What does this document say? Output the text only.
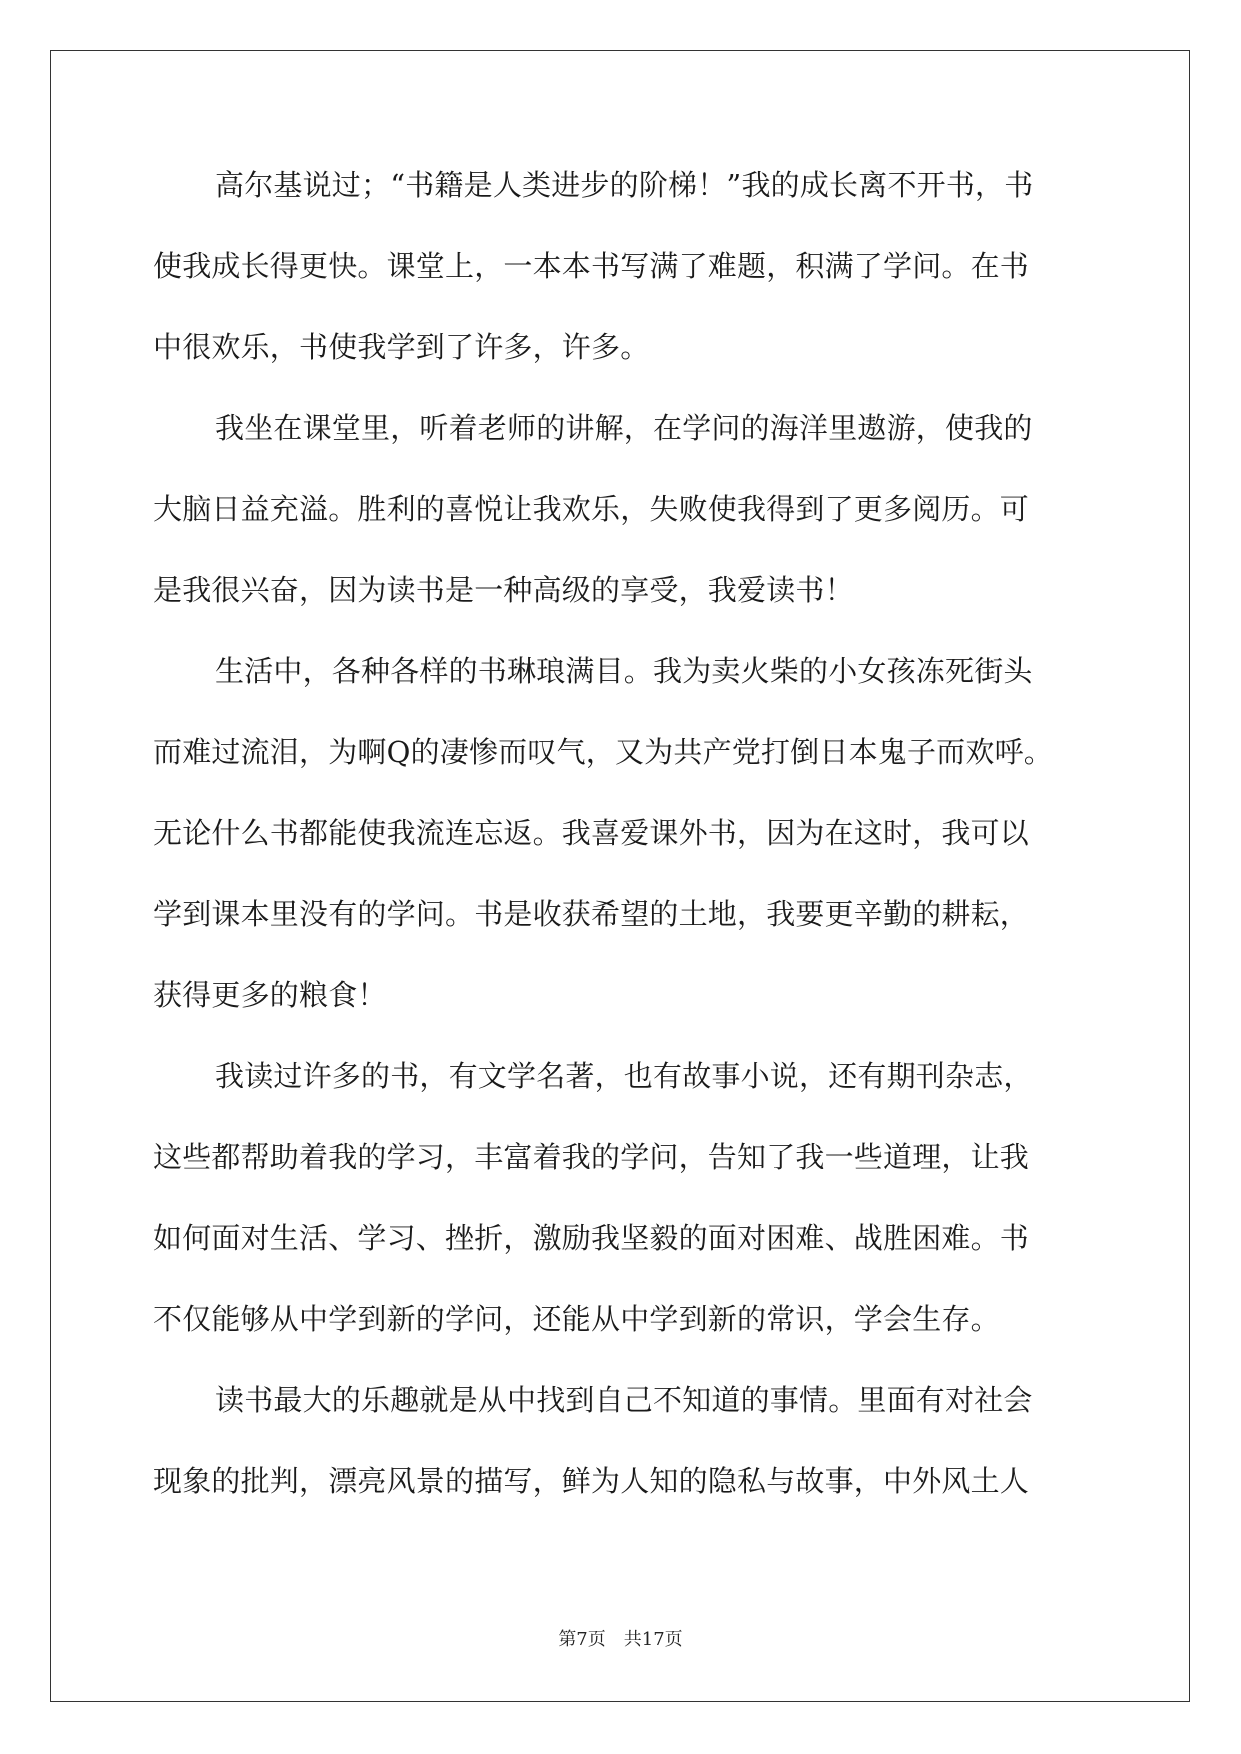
高尔基说过；“书籍是人类进步的阶梯！”我的成长离不开书，书
使我成长得更快。课堂上，一本本书写满了难题，积满了学问。在书
中很欢乐，书使我学到了许多，许多。
我坐在课堂里，听着老师的讲解，在学问的海洋里遨游，使我的
大脑日益充溢。胜利的喜悦让我欢乐，失败使我得到了更多阅历。可
是我很兴奋，因为读书是一种高级的享受，我爱读书！
生活中，各种各样的书琳琅满目。我为卖火柴的小女孩冻死街头
而难过流泪，为啊Q的凄惨而叹气，又为共产党打倒日本鬼子而欢呼。
无论什么书都能使我流连忘返。我喜爱课外书，因为在这时，我可以
学到课本里没有的学问。书是收获希望的土地，我要更辛勤的耕耘，
获得更多的粮食！
我读过许多的书，有文学名著，也有故事小说，还有期刊杂志，
这些都帮助着我的学习，丰富着我的学问，告知了我一些道理，让我
如何面对生活、学习、挫折，激励我坚毅的面对困难、战胜困难。书
不仅能够从中学到新的学问，还能从中学到新的常识，学会生存。
读书最大的乐趣就是从中找到自己不知道的事情。里面有对社会
现象的批判，漂亮风景的描写，鲜为人知的隐私与故事，中外风土人
第7页 共17页
